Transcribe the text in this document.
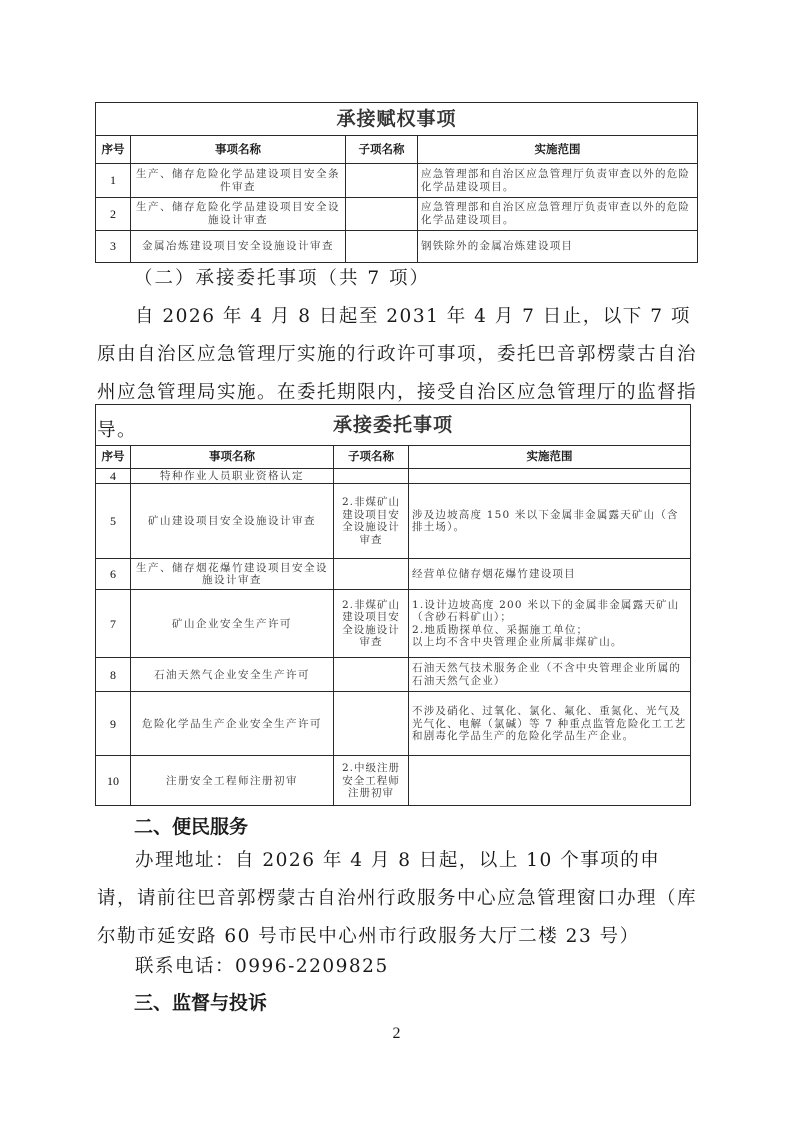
承接赋权事项			
序号	事项名称	子项名称	实施范围
1	生产、储存危险化学品建设项目安全条件审查		应急管理部和自治区应急管理厅负责审查以外的危险化学品建设项目。
2	生产、储存危险化学品建设项目安全设施设计审查		应急管理部和自治区应急管理厅负责审查以外的危险化学品建设项目。
3	金属冶炼建设项目安全设施设计审查		钢铁除外的金属冶炼建设项目

（二）承接委托事项（共 7 项）

自 2026 年 4 月 8 日起至 2031 年 4 月 7 日止，以下 7 项原由自治区应急管理厅实施的行政许可事项，委托巴音郭楞蒙古自治州应急管理局实施。在委托期限内，接受自治区应急管理厅的监督指导。	承接委托事项			
序号	事项名称	子项名称	实施范围
4	特种作业人员职业资格认定		
5	矿山建设项目安全设施设计审查	2.非煤矿山建设项目安全设施设计审查	涉及边坡高度 150 米以下金属非金属露天矿山（含排土场）。
6	生产、储存烟花爆竹建设项目安全设施设计审查		经营单位储存烟花爆竹建设项目
7	矿山企业安全生产许可	2.非煤矿山建设项目安全设施设计审查	1.设计边坡高度 200 米以下的金属非金属露天矿山（含砂石料矿山）；
2.地质勘探单位、采掘施工单位；
以上均不含中央管理企业所属非煤矿山。
8	石油天然气企业安全生产许可		石油天然气技术服务企业（不含中央管理企业所属的石油天然气企业）
9	危险化学品生产企业安全生产许可		不涉及硝化、过氧化、氯化、氟化、重氮化、光气及光气化、电解（氯碱）等 7 种重点监管危险化工工艺和剧毒化学品生产的危险化学品生产企业。
10	注册安全工程师注册初审	2.中级注册安全工程师注册初审	

二、便民服务

办理地址：自 2026 年 4 月 8 日起，以上 10 个事项的申请，请前往巴音郭楞蒙古自治州行政服务中心应急管理窗口办理（库尔勒市延安路 60 号市民中心州市行政服务大厅二楼 23 号）

联系电话：0996-2209825

三、监督与投诉

2
